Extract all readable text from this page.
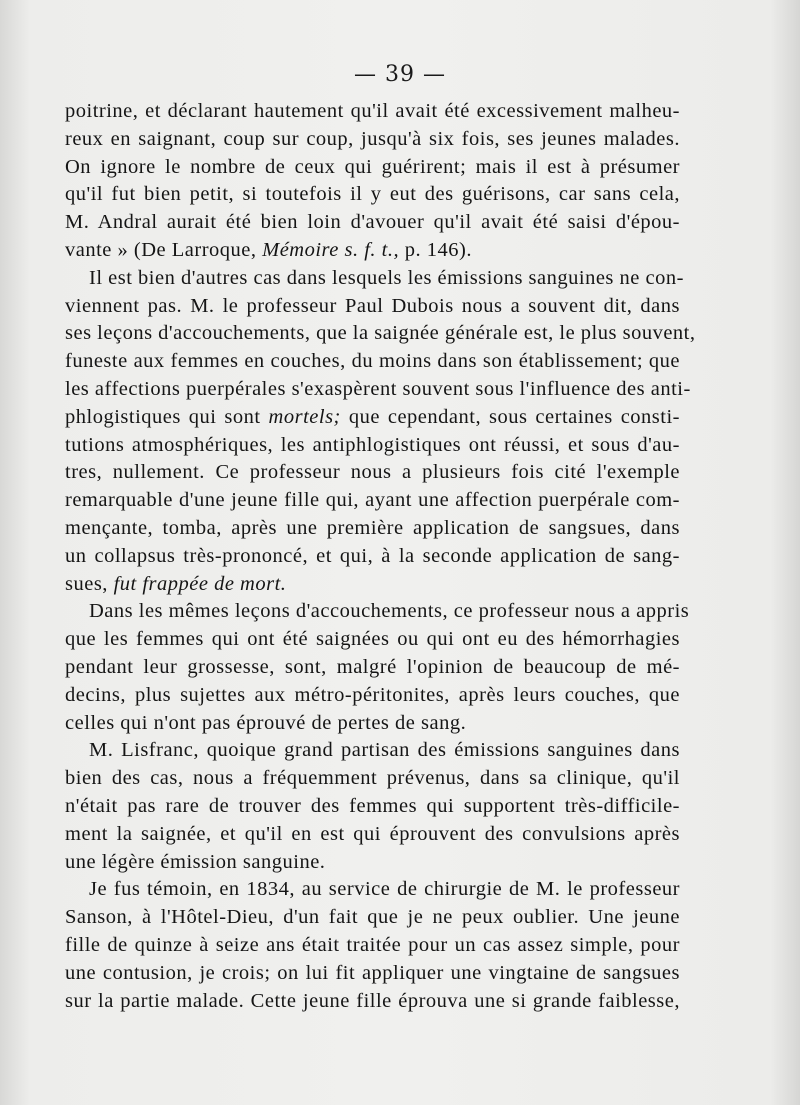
— 39 —
poitrine, et déclarant hautement qu'il avait été excessivement malheu-
reux en saignant, coup sur coup, jusqu'à six fois, ses jeunes malades.
On ignore le nombre de ceux qui guérirent; mais il est à présumer
qu'il fut bien petit, si toutefois il y eut des guérisons, car sans cela,
M. Andral aurait été bien loin d'avouer qu'il avait été saisi d'épou-
vante » (De Larroque, Mémoire s. f. t., p. 146).
Il est bien d'autres cas dans lesquels les émissions sanguines ne con-
viennent pas. M. le professeur Paul Dubois nous a souvent dit, dans
ses leçons d'accouchements, que la saignée générale est, le plus souvent,
funeste aux femmes en couches, du moins dans son établissement; que
les affections puerpérales s'exaspèrent souvent sous l'influence des anti-
phlogistiques qui sont mortels; que cependant, sous certaines consti-
tutions atmosphériques, les antiphlogistiques ont réussi, et sous d'au-
tres, nullement. Ce professeur nous a plusieurs fois cité l'exemple
remarquable d'une jeune fille qui, ayant une affection puerpérale com-
mençante, tomba, après une première application de sangsues, dans
un collapsus très-prononcé, et qui, à la seconde application de sang-
sues, fut frappée de mort.
Dans les mêmes leçons d'accouchements, ce professeur nous a appris
que les femmes qui ont été saignées ou qui ont eu des hémorrhagies
pendant leur grossesse, sont, malgré l'opinion de beaucoup de mé-
decins, plus sujettes aux métro-péritonites, après leurs couches, que
celles qui n'ont pas éprouvé de pertes de sang.
M. Lisfranc, quoique grand partisan des émissions sanguines dans
bien des cas, nous a fréquemment prévenus, dans sa clinique, qu'il
n'était pas rare de trouver des femmes qui supportent très-difficile-
ment la saignée, et qu'il en est qui éprouvent des convulsions après
une légère émission sanguine.
Je fus témoin, en 1834, au service de chirurgie de M. le professeur
Sanson, à l'Hôtel-Dieu, d'un fait que je ne peux oublier. Une jeune
fille de quinze à seize ans était traitée pour un cas assez simple, pour
une contusion, je crois; on lui fit appliquer une vingtaine de sangsues
sur la partie malade. Cette jeune fille éprouva une si grande faiblesse,
